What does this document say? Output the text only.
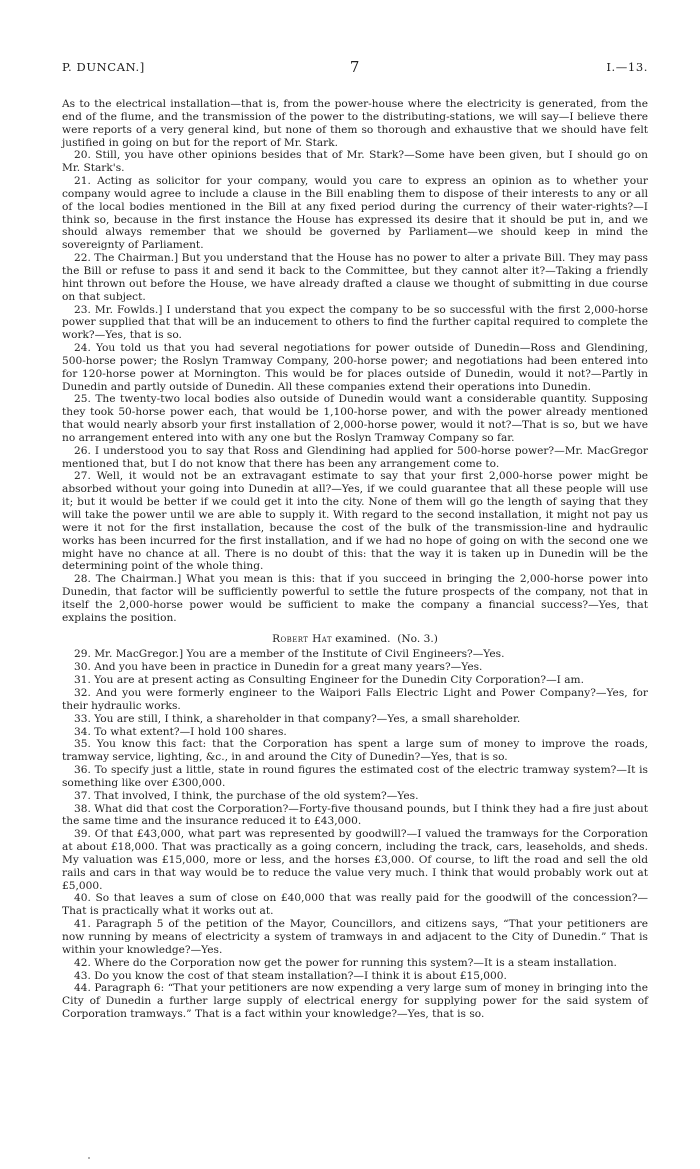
P. DUNCAN.]	7	I.—13.

As to the electrical installation—that is, from the power-house where the electricity is generated, from the end of the flume, and the transmission of the power to the distributing-stations, we will say—I believe there were reports of a very general kind, but none of them so thorough and exhaustive that we should have felt justified in going on but for the report of Mr. Stark.

20. Still, you have other opinions besides that of Mr. Stark?—Some have been given, but I should go on Mr. Stark's.

21. Acting as solicitor for your company, would you care to express an opinion as to whether your company would agree to include a clause in the Bill enabling them to dispose of their interests to any or all of the local bodies mentioned in the Bill at any fixed period during the currency of their water-rights?—I think so, because in the first instance the House has expressed its desire that it should be put in, and we should always remember that we should be governed by Parliament—we should keep in mind the sovereignty of Parliament.

22. The Chairman.] But you understand that the House has no power to alter a private Bill. They may pass the Bill or refuse to pass it and send it back to the Committee, but they cannot alter it?—Taking a friendly hint thrown out before the House, we have already drafted a clause we thought of submitting in due course on that subject.

23. Mr. Fowlds.] I understand that you expect the company to be so successful with the first 2,000-horse power supplied that that will be an inducement to others to find the further capital required to complete the work?—Yes, that is so.

24. You told us that you had several negotiations for power outside of Dunedin—Ross and Glendining, 500-horse power; the Roslyn Tramway Company, 200-horse power; and negotiations had been entered into for 120-horse power at Mornington. This would be for places outside of Dunedin, would it not?—Partly in Dunedin and partly outside of Dunedin. All these companies extend their operations into Dunedin.

25. The twenty-two local bodies also outside of Dunedin would want a considerable quantity. Supposing they took 50-horse power each, that would be 1,100-horse power, and with the power already mentioned that would nearly absorb your first installation of 2,000-horse power, would it not?—That is so, but we have no arrangement entered into with any one but the Roslyn Tramway Company so far.

26. I understood you to say that Ross and Glendining had applied for 500-horse power?—Mr. MacGregor mentioned that, but I do not know that there has been any arrangement come to.

27. Well, it would not be an extravagant estimate to say that your first 2,000-horse power might be absorbed without your going into Dunedin at all?—Yes, if we could guarantee that all these people will use it; but it would be better if we could get it into the city. None of them will go the length of saying that they will take the power until we are able to supply it. With regard to the second installation, it might not pay us were it not for the first installation, because the cost of the bulk of the transmission-line and hydraulic works has been incurred for the first installation, and if we had no hope of going on with the second one we might have no chance at all. There is no doubt of this: that the way it is taken up in Dunedin will be the determining point of the whole thing.

28. The Chairman.] What you mean is this: that if you succeed in bringing the 2,000-horse power into Dunedin, that factor will be sufficiently powerful to settle the future prospects of the company, not that in itself the 2,000-horse power would be sufficient to make the company a financial success?—Yes, that explains the position.

Robert Hat examined. (No. 3.)

29. Mr. MacGregor.] You are a member of the Institute of Civil Engineers?—Yes.

30. And you have been in practice in Dunedin for a great many years?—Yes.

31. You are at present acting as Consulting Engineer for the Dunedin City Corporation?—I am.

32. And you were formerly engineer to the Waipori Falls Electric Light and Power Company?—Yes, for their hydraulic works.

33. You are still, I think, a shareholder in that company?—Yes, a small shareholder.

34. To what extent?—I hold 100 shares.

35. You know this fact: that the Corporation has spent a large sum of money to improve the roads, tramway service, lighting, &c., in and around the City of Dunedin?—Yes, that is so.

36. To specify just a little, state in round figures the estimated cost of the electric tramway system?—It is something like over £300,000.

37. That involved, I think, the purchase of the old system?—Yes.

38. What did that cost the Corporation?—Forty-five thousand pounds, but I think they had a fire just about the same time and the insurance reduced it to £43,000.

39. Of that £43,000, what part was represented by goodwill?—I valued the tramways for the Corporation at about £18,000. That was practically as a going concern, including the track, cars, leaseholds, and sheds. My valuation was £15,000, more or less, and the horses £3,000. Of course, to lift the road and sell the old rails and cars in that way would be to reduce the value very much. I think that would probably work out at £5,000.

40. So that leaves a sum of close on £40,000 that was really paid for the goodwill of the concession?—That is practically what it works out at.

41. Paragraph 5 of the petition of the Mayor, Councillors, and citizens says, “That your petitioners are now running by means of electricity a system of tramways in and adjacent to the City of Dunedin.” That is within your knowledge?—Yes.

42. Where do the Corporation now get the power for running this system?—It is a steam installation.

43. Do you know the cost of that steam installation?—I think it is about £15,000.

44. Paragraph 6: “That your petitioners are now expending a very large sum of money in bringing into the City of Dunedin a further large supply of electrical energy for supplying power for the said system of Corporation tramways.” That is a fact within your knowledge?—Yes, that is so.
